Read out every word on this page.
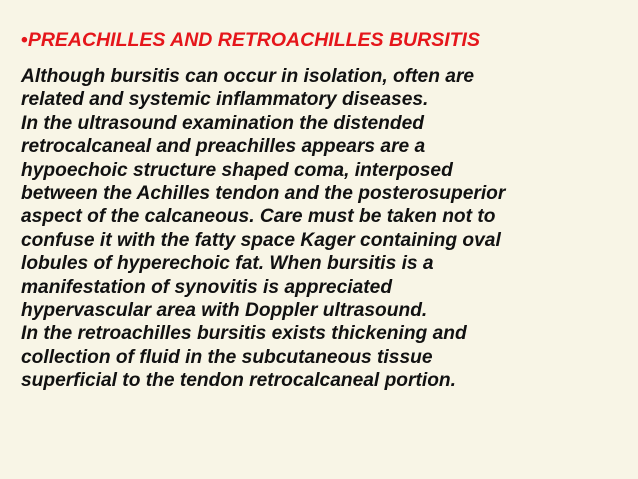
•PREACHILLES AND RETROACHILLES BURSITIS
Although bursitis can occur in isolation, often are
related and systemic inflammatory diseases.
In the ultrasound examination the distended
retrocalcaneal and preachilles appears are a
hypoechoic structure shaped coma, interposed
between the Achilles tendon and the posterosuperior
aspect of the calcaneous. Care must be taken not to
confuse it with the fatty space Kager containing oval
lobules of hyperechoic fat. When bursitis is a
manifestation of synovitis is appreciated
hypervascular area with Doppler ultrasound.
In the retroachilles bursitis exists thickening and
collection of fluid in the subcutaneous tissue
superficial to the tendon retrocalcaneal portion.
